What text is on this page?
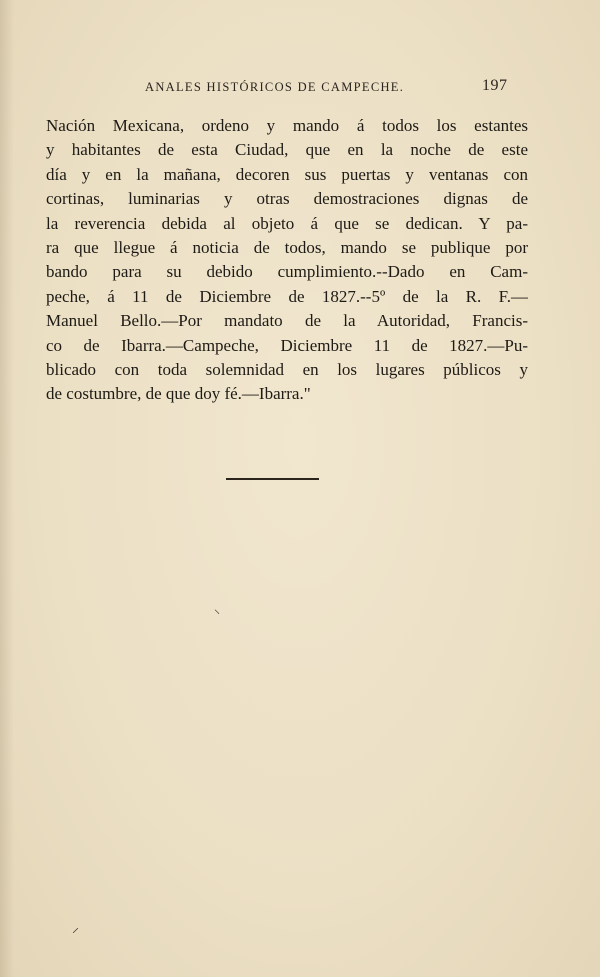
ANALES HISTÓRICOS DE CAMPECHE.	197
Nación Mexicana, ordeno y mando á todos los estantes
y habitantes de esta Ciudad, que en la noche de este
día y en la mañana, decoren sus puertas y ventanas con
cortinas, luminarias y otras demostraciones dignas de
la reverencia debida al objeto á que se dedican. Y pa-
ra que llegue á noticia de todos, mando se publique por
bando para su debido cumplimiento.--Dado en Cam-
peche, á 11 de Diciembre de 1827.--5º de la R. F.—
Manuel Bello.—Por mandato de la Autoridad, Francis-
co de Ibarra.—Campeche, Diciembre 11 de 1827.—Pu-
blicado con toda solemnidad en los lugares públicos y
de costumbre, de que doy fé.—Ibarra."
⸜
⸝
